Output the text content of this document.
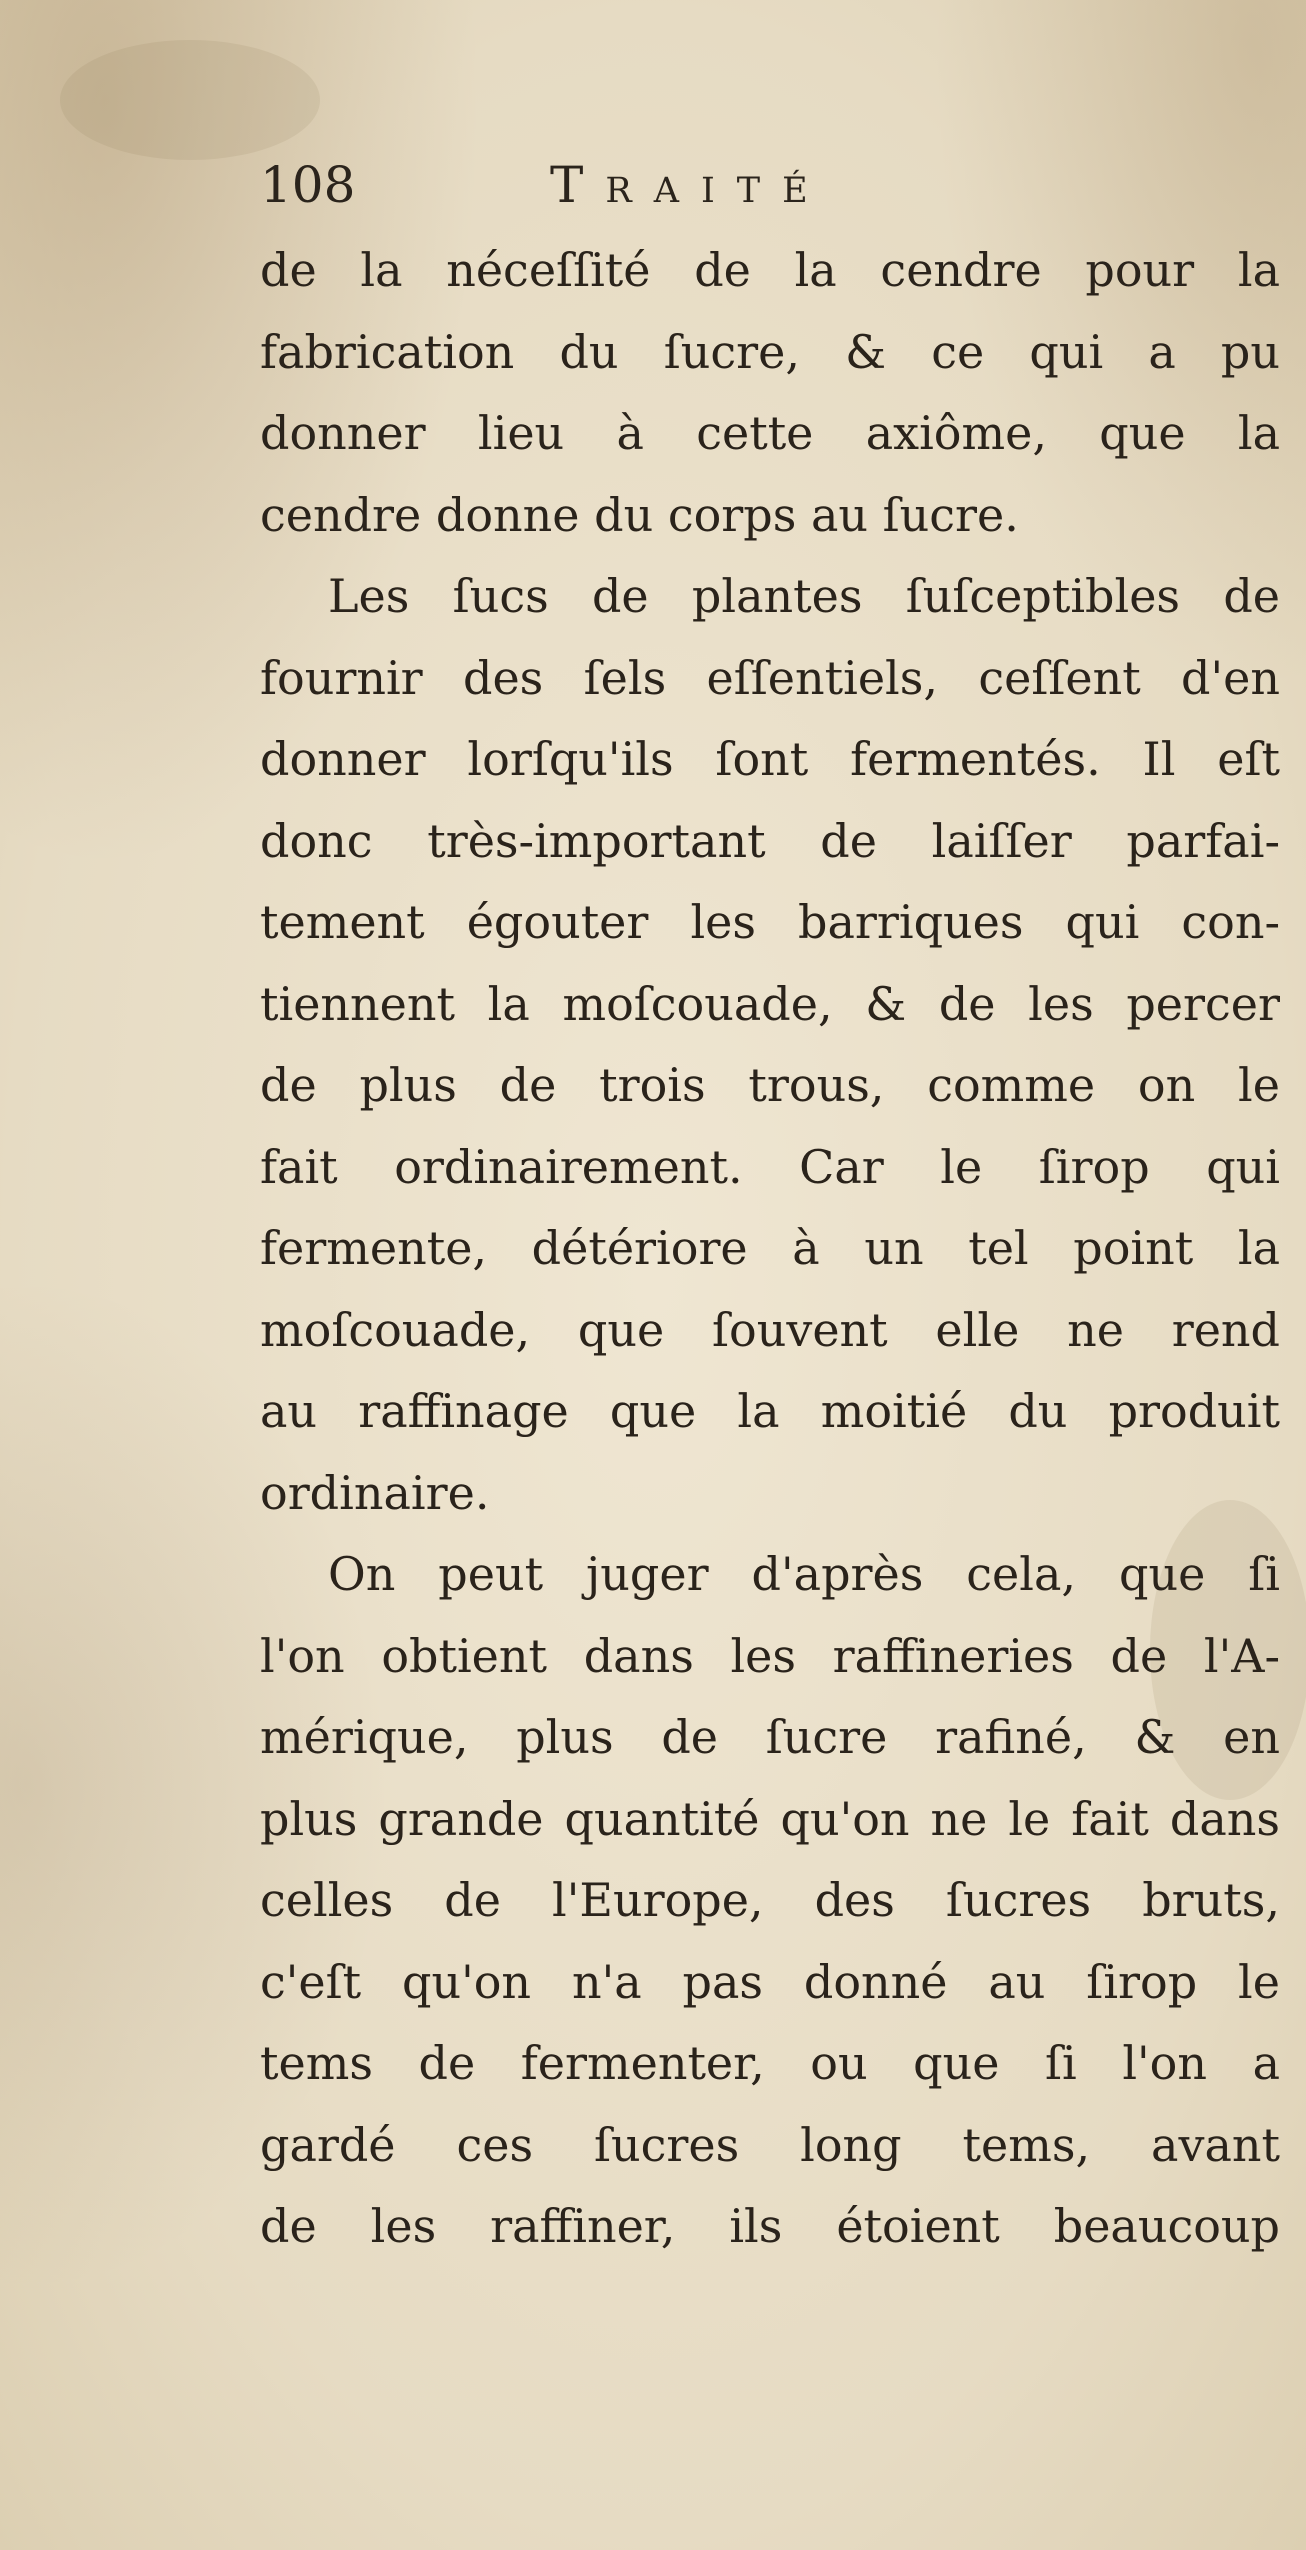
108	Traité
de la néceſſité de la cendre pour la
fabrication du ſucre, & ce qui a pu
donner lieu à cette axiôme, que la
cendre donne du corps au ſucre.
Les ſucs de plantes ſuſceptibles de
fournir des ſels eſſentiels, ceſſent d'en
donner lorſqu'ils ſont fermentés. Il eſt
donc très-important de laiſſer parfai-
tement égouter les barriques qui con-
tiennent la moſcouade, & de les percer
de plus de trois trous, comme on le
fait ordinairement. Car le ſirop qui
fermente, détériore à un tel point la
moſcouade, que ſouvent elle ne rend
au raffinage que la moitié du produit
ordinaire.
On peut juger d'après cela, que ſi
l'on obtient dans les raffineries de l'A-
mérique, plus de ſucre rafiné, & en
plus grande quantité qu'on ne le fait dans
celles de l'Europe, des ſucres bruts,
c'eſt qu'on n'a pas donné au ſirop le
tems de fermenter, ou que ſi l'on a
gardé ces ſucres long tems, avant
de les raffiner, ils étoient beaucoup
